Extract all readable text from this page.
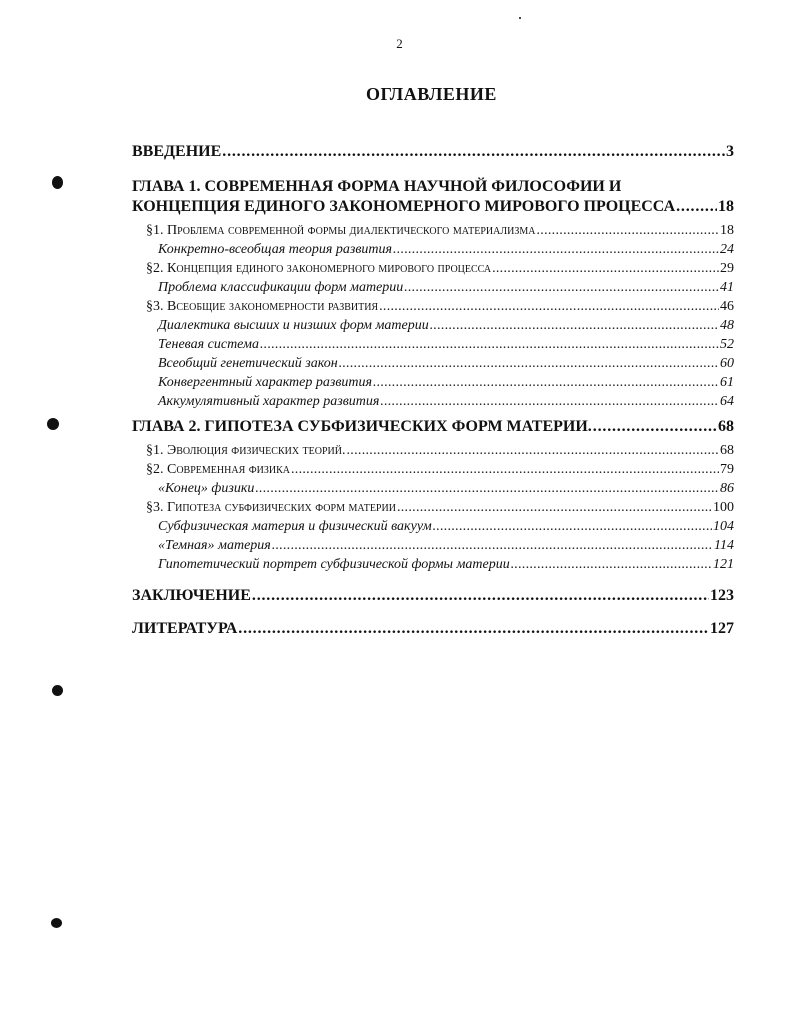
2
ОГЛАВЛЕНИЕ
ВВЕДЕНИЕ . . .	3
ГЛАВА 1. СОВРЕМЕННАЯ ФОРМА НАУЧНОЙ ФИЛОСОФИИ И
КОНЦЕПЦИЯ ЕДИНОГО ЗАКОНОМЕРНОГО МИРОВОГО ПРОЦЕССА . . .	18
§1. Проблема современной формы диалектического материализма . . .	18
Конкретно-всеобщая теория развития . . .	24
§2. Концепция единого закономерного мирового процесса . . .	29
Проблема классификации форм материи . . .	41
§3. Всеобщие закономерности развития . . .	46
Диалектика высших и низших форм материи . . .	48
Теневая система . . .	52
Всеобщий генетический закон . . .	60
Конвергентный характер развития . . .	61
Аккумулятивный характер развития . . .	64
ГЛАВА 2. ГИПОТЕЗА СУБФИЗИЧЕСКИХ ФОРМ МАТЕРИИ. . . .	68
§1. Эволюция физических теорий. . . .	68
§2. Современная физика . . .	79
«Конец» физики . . .	86
§3. Гипотеза субфизических форм материи . . .	100
Субфизическая материя и физический вакуум . . .	104
«Темная» материя . . .	114
Гипотетический портрет субфизической формы материи . . .	121
ЗАКЛЮЧЕНИЕ . . .	123
ЛИТЕРАТУРА . . .	127
